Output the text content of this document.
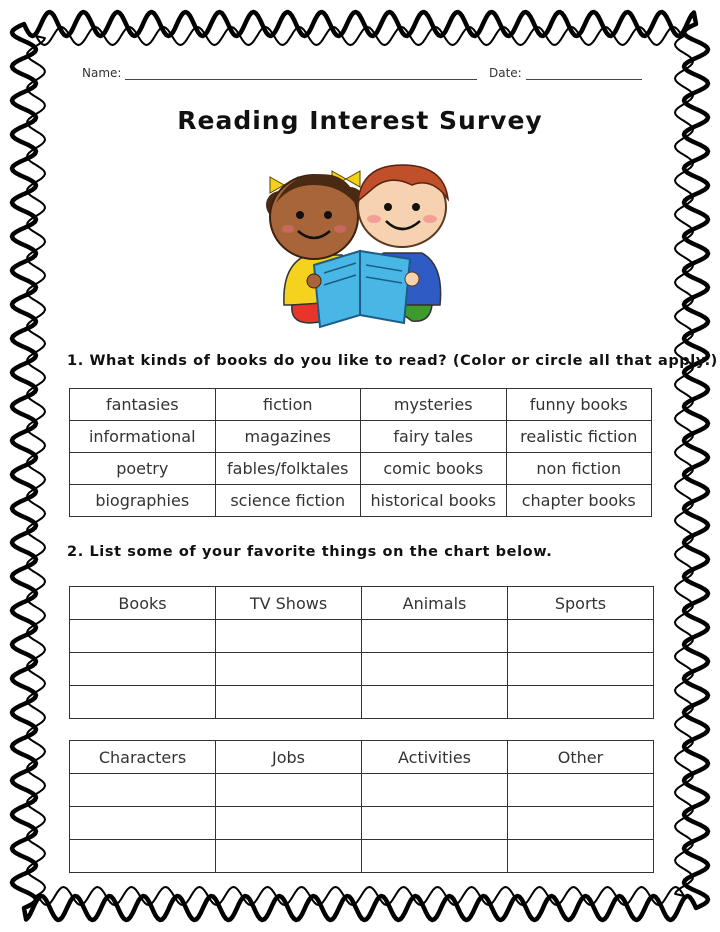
Name:	Date:
Reading Interest Survey
1. What kinds of books do you like to read? (Color or circle all that apply.)
fantasies	fiction	mysteries	funny books
informational	magazines	fairy tales	realistic fiction
poetry	fables/folktales	comic books	non fiction
biographies	science fiction	historical books	chapter books
2. List some of your favorite things on the chart below.
Books	TV Shows	Animals	Sports

Characters	Jobs	Activities	Other
